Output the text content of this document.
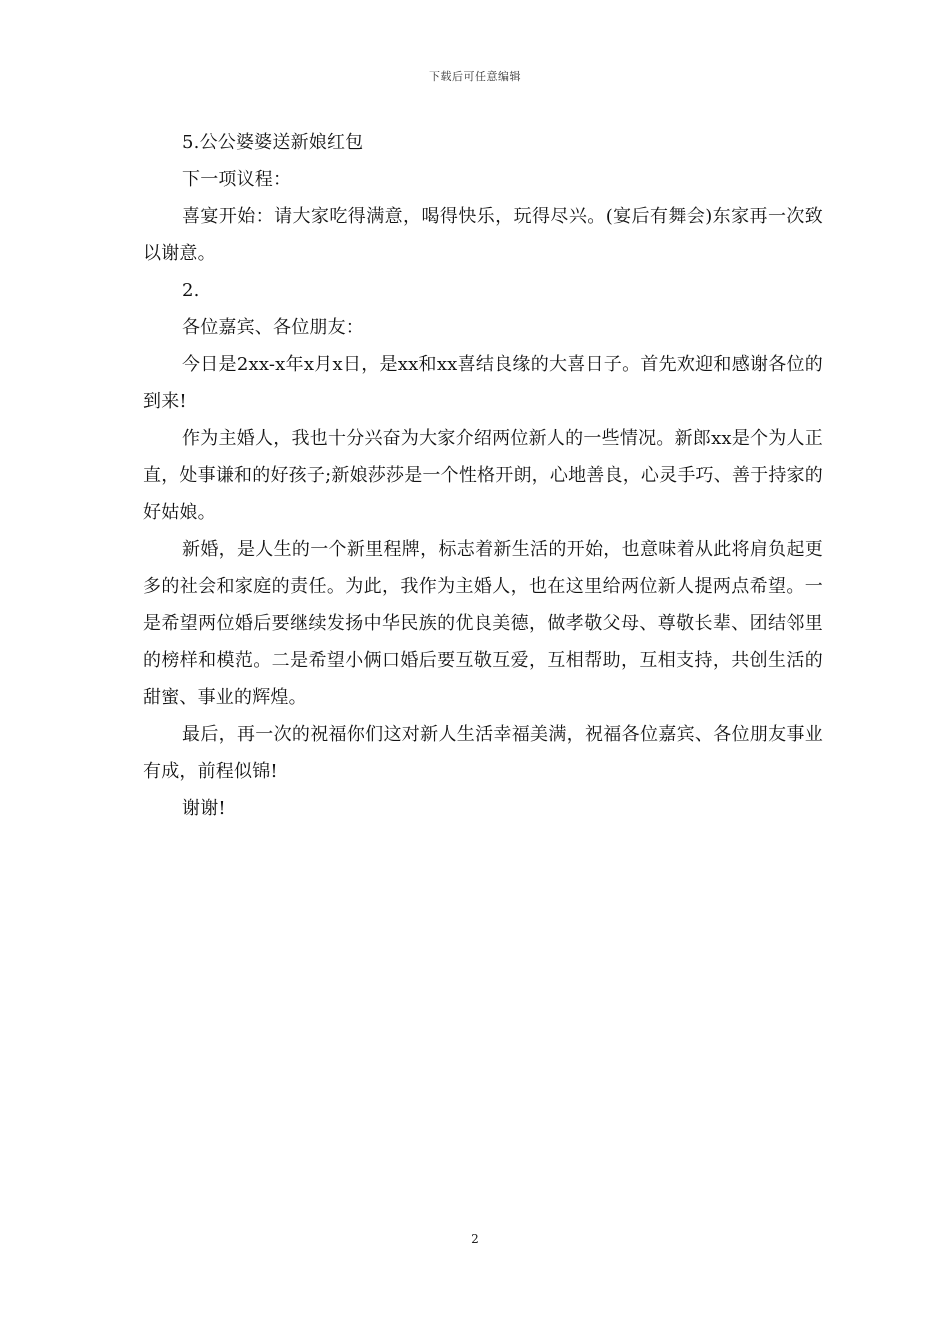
下载后可任意编辑

5.公公婆婆送新娘红包

下一项议程：

喜宴开始：请大家吃得满意，喝得快乐，玩得尽兴。(宴后有舞会)东家再一次致以谢意。

2.

各位嘉宾、各位朋友：

今日是2xx-x年x月x日，是xx和xx喜结良缘的大喜日子。首先欢迎和感谢各位的到来!

作为主婚人，我也十分兴奋为大家介绍两位新人的一些情况。新郎xx是个为人正直，处事谦和的好孩子;新娘莎莎是一个性格开朗，心地善良，心灵手巧、善于持家的好姑娘。

新婚，是人生的一个新里程牌，标志着新生活的开始，也意味着从此将肩负起更多的社会和家庭的责任。为此，我作为主婚人，也在这里给两位新人提两点希望。一是希望两位婚后要继续发扬中华民族的优良美德，做孝敬父母、尊敬长辈、团结邻里的榜样和模范。二是希望小俩口婚后要互敬互爱，互相帮助，互相支持，共创生活的甜蜜、事业的辉煌。

最后，再一次的祝福你们这对新人生活幸福美满，祝福各位嘉宾、各位朋友事业有成，前程似锦!

谢谢!

2
